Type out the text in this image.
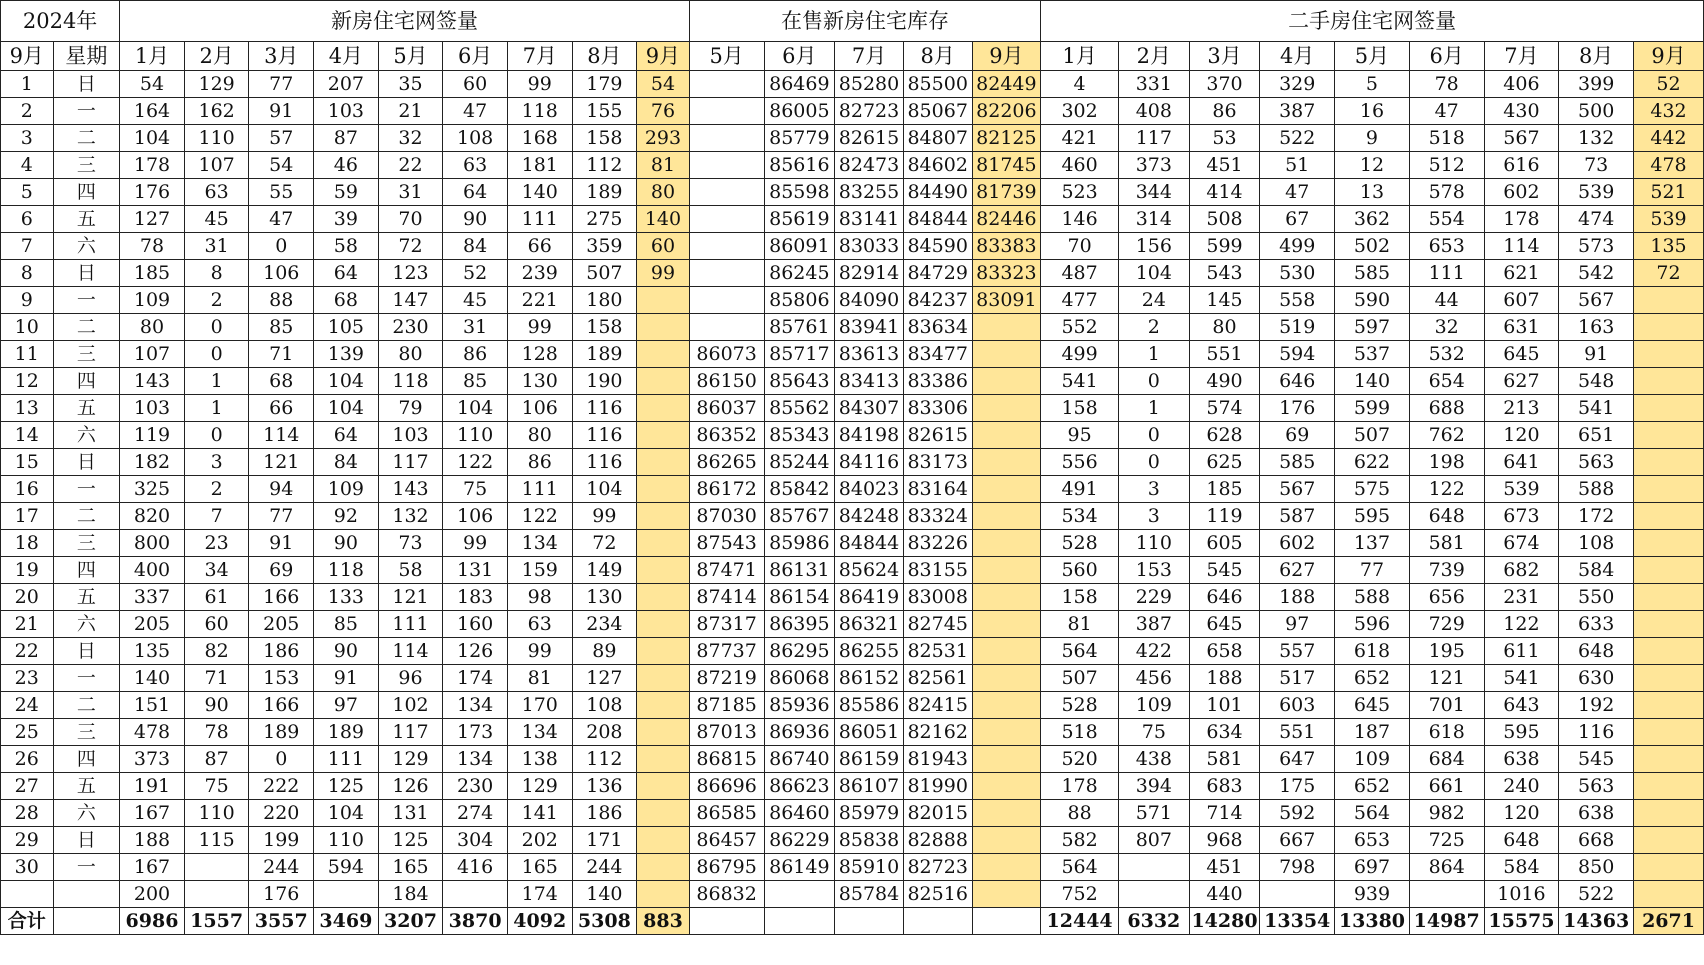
2024年		新房住宅网签量									在售新房住宅库存					二手房住宅网签量								
9月	星期	1月	2月	3月	4月	5月	6月	7月	8月	9月	5月	6月	7月	8月	9月	1月	2月	3月	4月	5月	6月	7月	8月	9月
1	日	54	129	77	207	35	60	99	179	54		86469	85280	85500	82449	4	331	370	329	5	78	406	399	52
2	一	164	162	91	103	21	47	118	155	76		86005	82723	85067	82206	302	408	86	387	16	47	430	500	432
3	二	104	110	57	87	32	108	168	158	293		85779	82615	84807	82125	421	117	53	522	9	518	567	132	442
4	三	178	107	54	46	22	63	181	112	81		85616	82473	84602	81745	460	373	451	51	12	512	616	73	478
5	四	176	63	55	59	31	64	140	189	80		85598	83255	84490	81739	523	344	414	47	13	578	602	539	521
6	五	127	45	47	39	70	90	111	275	140		85619	83141	84844	82446	146	314	508	67	362	554	178	474	539
7	六	78	31	0	58	72	84	66	359	60		86091	83033	84590	83383	70	156	599	499	502	653	114	573	135
8	日	185	8	106	64	123	52	239	507	99		86245	82914	84729	83323	487	104	543	530	585	111	621	542	72
9	一	109	2	88	68	147	45	221	180			85806	84090	84237	83091	477	24	145	558	590	44	607	567	
10	二	80	0	85	105	230	31	99	158			85761	83941	83634		552	2	80	519	597	32	631	163	
11	三	107	0	71	139	80	86	128	189		86073	85717	83613	83477		499	1	551	594	537	532	645	91	
12	四	143	1	68	104	118	85	130	190		86150	85643	83413	83386		541	0	490	646	140	654	627	548	
13	五	103	1	66	104	79	104	106	116		86037	85562	84307	83306		158	1	574	176	599	688	213	541	
14	六	119	0	114	64	103	110	80	116		86352	85343	84198	82615		95	0	628	69	507	762	120	651	
15	日	182	3	121	84	117	122	86	116		86265	85244	84116	83173		556	0	625	585	622	198	641	563	
16	一	325	2	94	109	143	75	111	104		86172	85842	84023	83164		491	3	185	567	575	122	539	588	
17	二	820	7	77	92	132	106	122	99		87030	85767	84248	83324		534	3	119	587	595	648	673	172	
18	三	800	23	91	90	73	99	134	72		87543	85986	84844	83226		528	110	605	602	137	581	674	108	
19	四	400	34	69	118	58	131	159	149		87471	86131	85624	83155		560	153	545	627	77	739	682	584	
20	五	337	61	166	133	121	183	98	130		87414	86154	86419	83008		158	229	646	188	588	656	231	550	
21	六	205	60	205	85	111	160	63	234		87317	86395	86321	82745		81	387	645	97	596	729	122	633	
22	日	135	82	186	90	114	126	99	89		87737	86295	86255	82531		564	422	658	557	618	195	611	648	
23	一	140	71	153	91	96	174	81	127		87219	86068	86152	82561		507	456	188	517	652	121	541	630	
24	二	151	90	166	97	102	134	170	108		87185	85936	85586	82415		528	109	101	603	645	701	643	192	
25	三	478	78	189	189	117	173	134	208		87013	86936	86051	82162		518	75	634	551	187	618	595	116	
26	四	373	87	0	111	129	134	138	112		86815	86740	86159	81943		520	438	581	647	109	684	638	545	
27	五	191	75	222	125	126	230	129	136		86696	86623	86107	81990		178	394	683	175	652	661	240	563	
28	六	167	110	220	104	131	274	141	186		86585	86460	85979	82015		88	571	714	592	564	982	120	638	
29	日	188	115	199	110	125	304	202	171		86457	86229	85838	82888		582	807	968	667	653	725	648	668	
30	一	167		244	594	165	416	165	244		86795	86149	85910	82723		564		451	798	697	864	584	850	
		200		176		184		174	140		86832		85784	82516		752		440		939		1016	522	
合计		6986	1557	3557	3469	3207	3870	4092	5308	883						12444	6332	14280	13354	13380	14987	15575	14363	2671
